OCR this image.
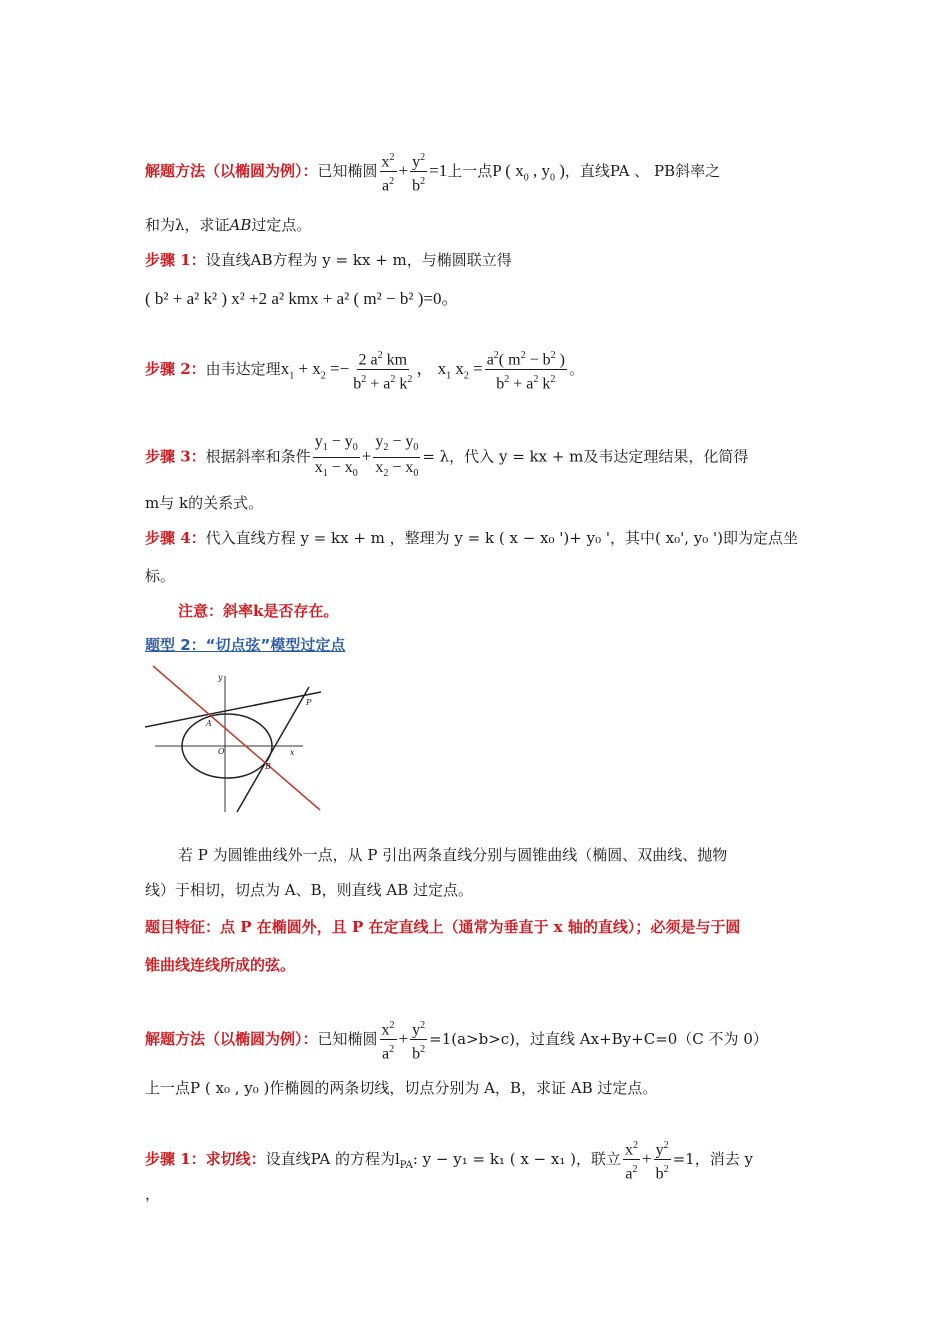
解题方法（以椭圆为例）：已知椭圆 $\frac{x^2}{a^2} + \frac{y^2}{b^2} =1$上一点P ( $x_0$ , $y_0$ )，直线PA 、 PB斜率之
和为λ，求证AB过定点。
步骤 1：设直线AB方程为 y = kx + m，与椭圆联立得
( b² + a² k² ) x² +2 a² kmx + a² ( m² − b² )=0。
步骤 2：由韦达定理$x_1 + x_2 =- \frac{2 a^2 km}{b^2 + a^2 k^2}$ ， $x_1$ $x_2 = \frac{a^2( m^2 - b^2 )}{b^2 + a^2 k^2}$ 。
步骤 3：根据斜率和条件 $\frac{y_1 - y_0}{x_1 - x_0} + \frac{y_2 - y_0}{x_2 - x_0} = \lambda$，代入 y = kx + m及韦达定理结果，化简得
m与 k的关系式。
步骤 4：代入直线方程 y = kx + m ，整理为 y = k ( x − x₀ ')+ y₀ '，其中( x₀', y₀ ')即为定点坐
标。
注意：斜率k是否存在。
题型 2：“切点弦”模型过定点
y
x
O
A
B
P
若 P 为圆锥曲线外一点，从 P 引出两条直线分别与圆锥曲线（椭圆、双曲线、抛物
线）于相切，切点为 A、B，则直线 AB 过定点。
题目特征：点 P 在椭圆外，且 P 在定直线上（通常为垂直于 x 轴的直线）；必须是与于圆
锥曲线连线所成的弦。
解题方法（以椭圆为例）：已知椭圆 $\frac{x^2}{a^2} + \frac{y^2}{b^2} =1(a>b>c)$，过直线 Ax+By+C=0（C 不为 0）
上一点P ( x₀ , y₀ )作椭圆的两条切线，切点分别为 A，B，求证 AB 过定点。
步骤 1：求切线：设直线PA 的方程为$l_{PA}$: y − y₁ = k₁ ( x − x₁ )，联立 $\frac{x^2}{a^2} + \frac{y^2}{b^2} =1$，消去 y
，
